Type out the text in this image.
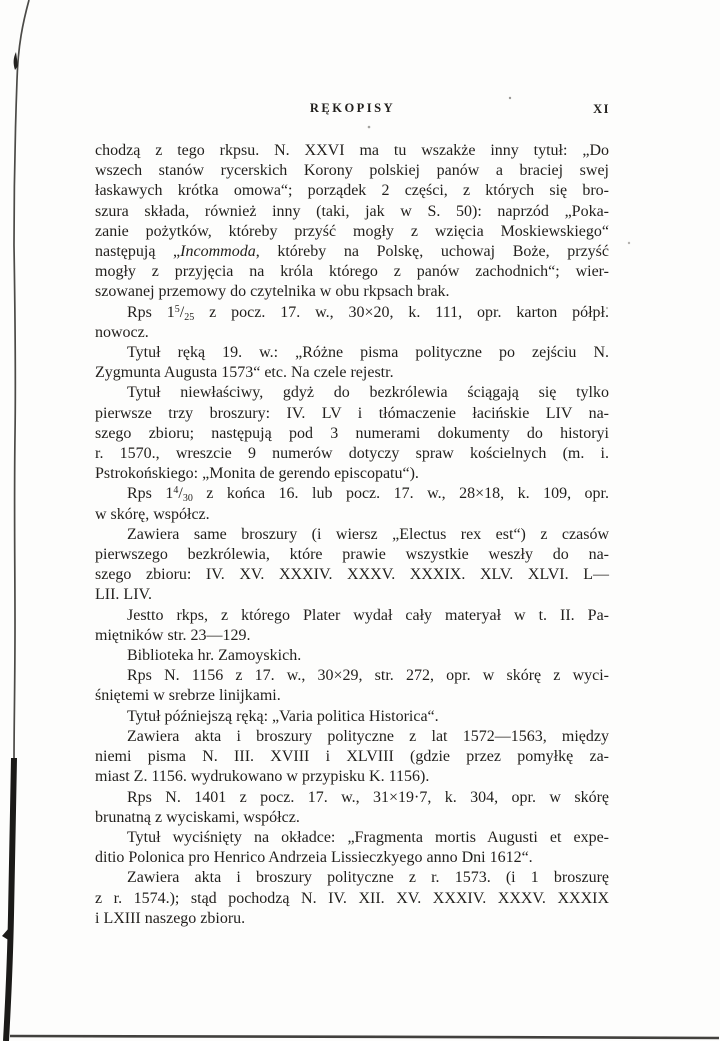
RĘKOPISY	XI
chodzą z tego rkpsu. N. XXVI ma tu wszakże inny tytuł: „Do
wszech stanów rycerskich Korony polskiej panów a braciej swej
łaskawych krótka omowa“; porządek 2 części, z których się bro-
szura składa, również inny (taki, jak w S. 50): naprzód „Poka-
zanie pożytków, któreby przyść mogły z wzięcia Moskiewskiego“
następują „Incommoda, któreby na Polskę, uchowaj Boże, przyść
mogły z przyjęcia na króla którego z panów zachodnich“; wier-
szowanej przemowy do czytelnika w obu rkpsach brak.
Rps $1^5/_{25}$ z pocz. 17. w., 30×20, k. 111, opr. karton półpł.
nowocz.
Tytuł ręką 19. w.: „Różne pisma polityczne po zejściu N.
Zygmunta Augusta 1573“ etc. Na czele rejestr.
Tytuł niewłaściwy, gdyż do bezkrólewia ściągają się tylko
pierwsze trzy broszury: IV. LV i tłómaczenie łacińskie LIV na-
szego zbioru; następują pod 3 numerami dokumenty do historyi
r. 1570., wreszcie 9 numerów dotyczy spraw kościelnych (m. i.
Pstrokońskiego: „Monita de gerendo episcopatu“).
Rps $1^4/_{30}$ z końca 16. lub pocz. 17. w., 28×18, k. 109, opr.
w skórę, współcz.
Zawiera same broszury (i wiersz „Electus rex est“) z czasów
pierwszego bezkrólewia, które prawie wszystkie weszły do na-
szego zbioru: IV. XV. XXXIV. XXXV. XXXIX. XLV. XLVI. L—
LII. LIV.
Jestto rkps, z którego Plater wydał cały materyał w t. II. Pa-
miętników str. 23—129.
Biblioteka hr. Zamoyskich.
Rps N. 1156 z 17. w., 30×29, str. 272, opr. w skórę z wyci-
śniętemi w srebrze linijkami.
Tytuł późniejszą ręką: „Varia politica Historica“.
Zawiera akta i broszury polityczne z lat 1572—1563, między
niemi pisma N. III. XVIII i XLVIII (gdzie przez pomyłkę za-
miast Z. 1156. wydrukowano w przypisku K. 1156).
Rps N. 1401 z pocz. 17. w., 31×19·7, k. 304, opr. w skórę
brunatną z wyciskami, współcz.
Tytuł wyciśnięty na okładce: „Fragmenta mortis Augusti et expe-
ditio Polonica pro Henrico Andrzeia Lissieczkyego anno Dni 1612“.
Zawiera akta i broszury polityczne z r. 1573. (i 1 broszurę
z r. 1574.); stąd pochodzą N. IV. XII. XV. XXXIV. XXXV. XXXIX
i LXIII naszego zbioru.
